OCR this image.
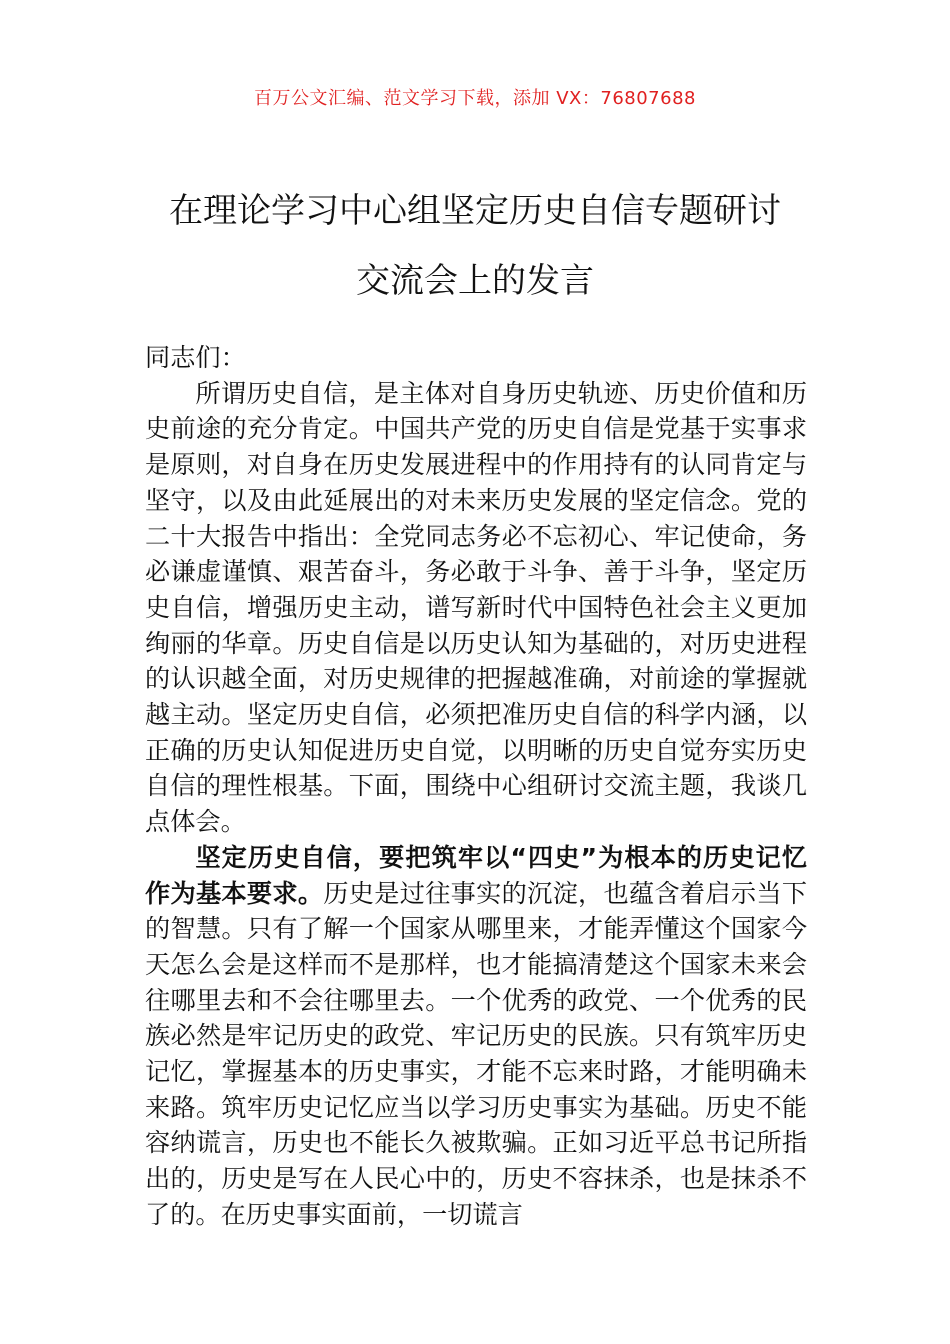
百万公文汇编、范文学习下载，添加 VX：76807688
在理论学习中心组坚定历史自信专题研讨
交流会上的发言

同志们：

所谓历史自信，是主体对自身历史轨迹、历史价值和历史前途的充分肯定。中国共产党的历史自信是党基于实事求是原则，对自身在历史发展进程中的作用持有的认同肯定与坚守，以及由此延展出的对未来历史发展的坚定信念。党的二十大报告中指出：全党同志务必不忘初心、牢记使命，务必谦虚谨慎、艰苦奋斗，务必敢于斗争、善于斗争，坚定历史自信，增强历史主动，谱写新时代中国特色社会主义更加绚丽的华章。历史自信是以历史认知为基础的，对历史进程的认识越全面，对历史规律的把握越准确，对前途的掌握就越主动。坚定历史自信，必须把准历史自信的科学内涵，以正确的历史认知促进历史自觉，以明晰的历史自觉夯实历史自信的理性根基。下面，围绕中心组研讨交流主题，我谈几点体会。

坚定历史自信，要把筑牢以“四史”为根本的历史记忆作为基本要求。历史是过往事实的沉淀，也蕴含着启示当下的智慧。只有了解一个国家从哪里来，才能弄懂这个国家今天怎么会是这样而不是那样，也才能搞清楚这个国家未来会往哪里去和不会往哪里去。一个优秀的政党、一个优秀的民族必然是牢记历史的政党、牢记历史的民族。只有筑牢历史记忆，掌握基本的历史事实，才能不忘来时路，才能明确未来路。筑牢历史记忆应当以学习历史事实为基础。历史不能容纳谎言，历史也不能长久被欺骗。正如习近平总书记所指出的，历史是写在人民心中的，历史不容抹杀，也是抹杀不了的。在历史事实面前，一切谎言
